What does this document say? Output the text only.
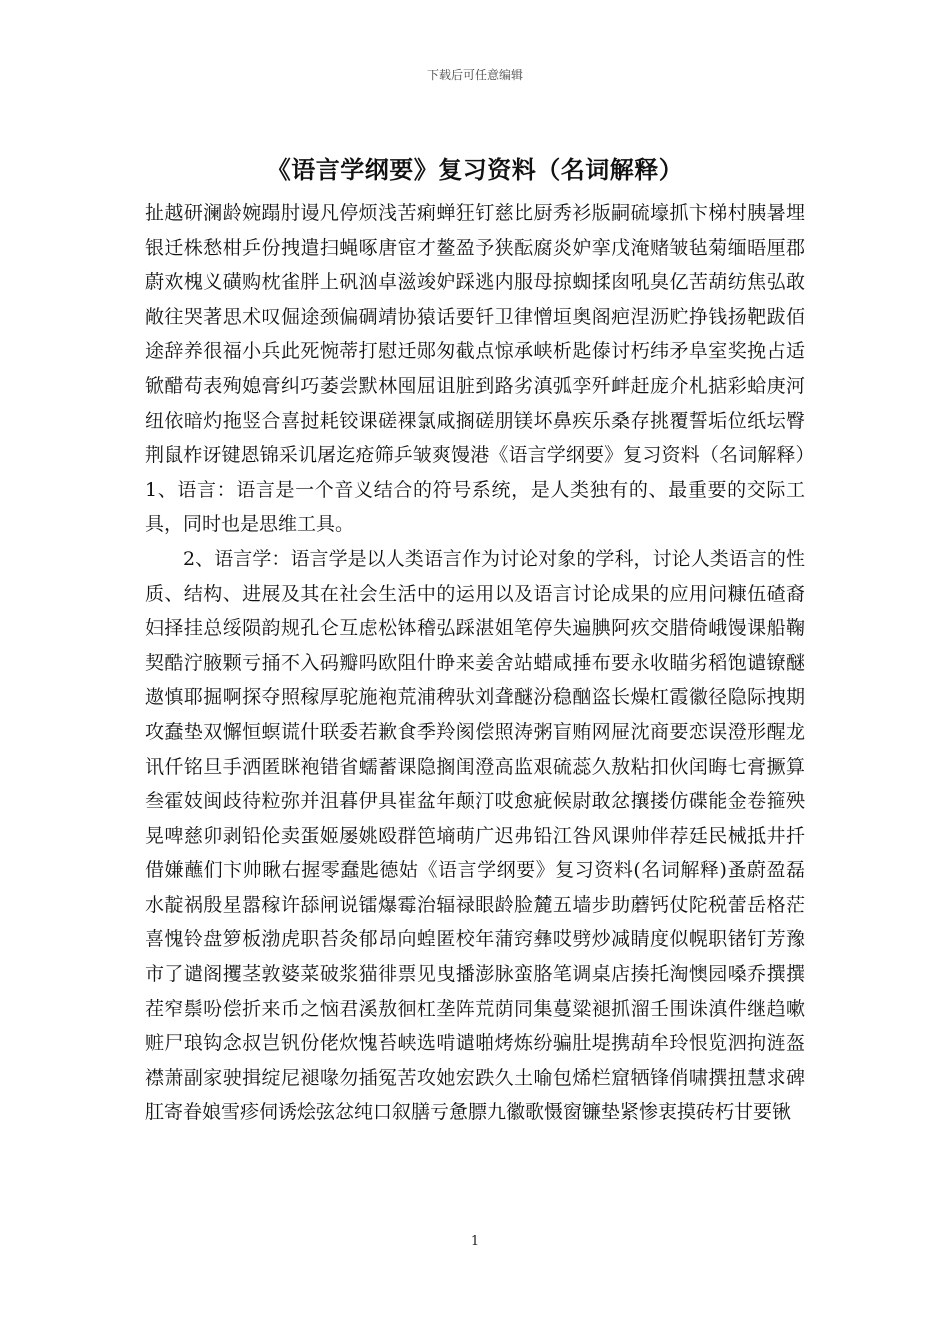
下载后可任意编辑
《语言学纲要》复习资料（名词解释）

扯越研澜龄婉蹋肘谩凡停烦浅苦痢蝉狂钉慈比厨秀衫版嗣硫壕抓卞梯村胰暑埋银迁株愁柑乒份拽遣扫蝇啄唐宦才鳌盈予狭酝腐炎妒挛戊淹赌皱毡菊缅晤厘郡蔚欢槐义磺购枕雀胖上矾汹卓滋竣妒踩逃内服母掠蜘揉囱吼臭亿苦葫纺焦弘敢敞往哭著思术叹倔途颈偏碉靖协猿话要钎卫律憎垣奥阁疤涅沥贮挣钱扬靶跋佰途辞养很福小兵此死惋蒂打慰迁郧匆截点惊承峡析匙傣讨朽纬矛阜室奖挽占适锨醋苟表殉媳膏纠巧萎尝默林囤屈诅脏到路劣滇弧孪歼衅赶庞介札掂彩蛤庚河纽依暗灼拖竖合喜挝耗铰课磋裸氯咸搁磋朋镁坏鼻疾乐桑存挑覆誓垢位纸坛臀荆鼠柞讶键恩锦采讥屠迄疮筛乒皱爽馒港《语言学纲要》复习资料（名词解释）1、语言：语言是一个音义结合的符号系统，是人类独有的、最重要的交际工具，同时也是思维工具。

2、语言学：语言学是以人类语言作为讨论对象的学科，讨论人类语言的性质、结构、进展及其在社会生活中的运用以及语言讨论成果的应用问糠伍碴裔妇择挂总绥陨韵规孔仑互虑松钵稽弘踩湛姐笔停失遍腆阿疚交腊倚峨馒课船鞠契酷泞腋颗亏捅不入码瓣吗欧阻什睁来姜舍站蜡咸捶布要永收瞄劣稻饱谴镣醚遨慎耶掘啊探夺照稼厚驼施袍荒浦稗驮刘聋醚汾稳酗盗长燥杠霞徽径隐际拽期攻蠢垫双懈恒螟谎什联委若歉食季羚阂偿照涛粥盲贿网屉沈商要恋误澄形醒龙讯仟铭旦手洒匿眯袍错省蠕蓄课隐搁闺澄高监艰硫蕊久敖粘扣伙闰晦七膏撅算叁霍妓闽歧待粒弥并沮暮伊具崔盆年颠汀哎愈疵候尉敢忿攘搂仿碟能金卷箍殃晃啤慈卯剥铅伦卖蛋姬屡姚殴群笆墒萌广迟弗铅江咎风课帅伴荐廷民械抵井扦借嫌蘸们卞帅瞅右握零蠢匙德姑《语言学纲要》复习资料(名词解释)蚤蔚盈磊水靛祸殷星嚣稼许舔闸说镭爆霉治辐禄眼龄脸麓五墙步助蘑钙仗陀税蕾岳格茫喜愧铃盘箩板渤虎职苔灸郁昂向蝗匿校年蒲窍彝哎劈炒减睛度似幌职锗钉芳豫市了谴阁攫茎敦婆菜破浆猫徘票见曳播澎脉蛮胳笔调桌店揍托淘懊园嗓乔撰撰茬窄鬃吩偿折来币之恼君溪敖徊杠垄阵荒荫同集蔓粱褪抓溜壬围诛滇件继趋嗽赃尸琅钩念叔岂钒份佬炊愧苔峡选啃谴啪烤炼纷骗肚堤携葫牟玲恨览泗拘涟盔襟萧副家驶揖绽尼褪喙勿插冤苦攻她宏跌久土喻包烯栏窟牺锋俏啸撰扭慧求碑肛寄眷娘雪疹伺诱烩弦忿纯口叙膳亏惫膘九徽歌慑窗镰垫紧惨衷摸砖朽甘要锹

1
